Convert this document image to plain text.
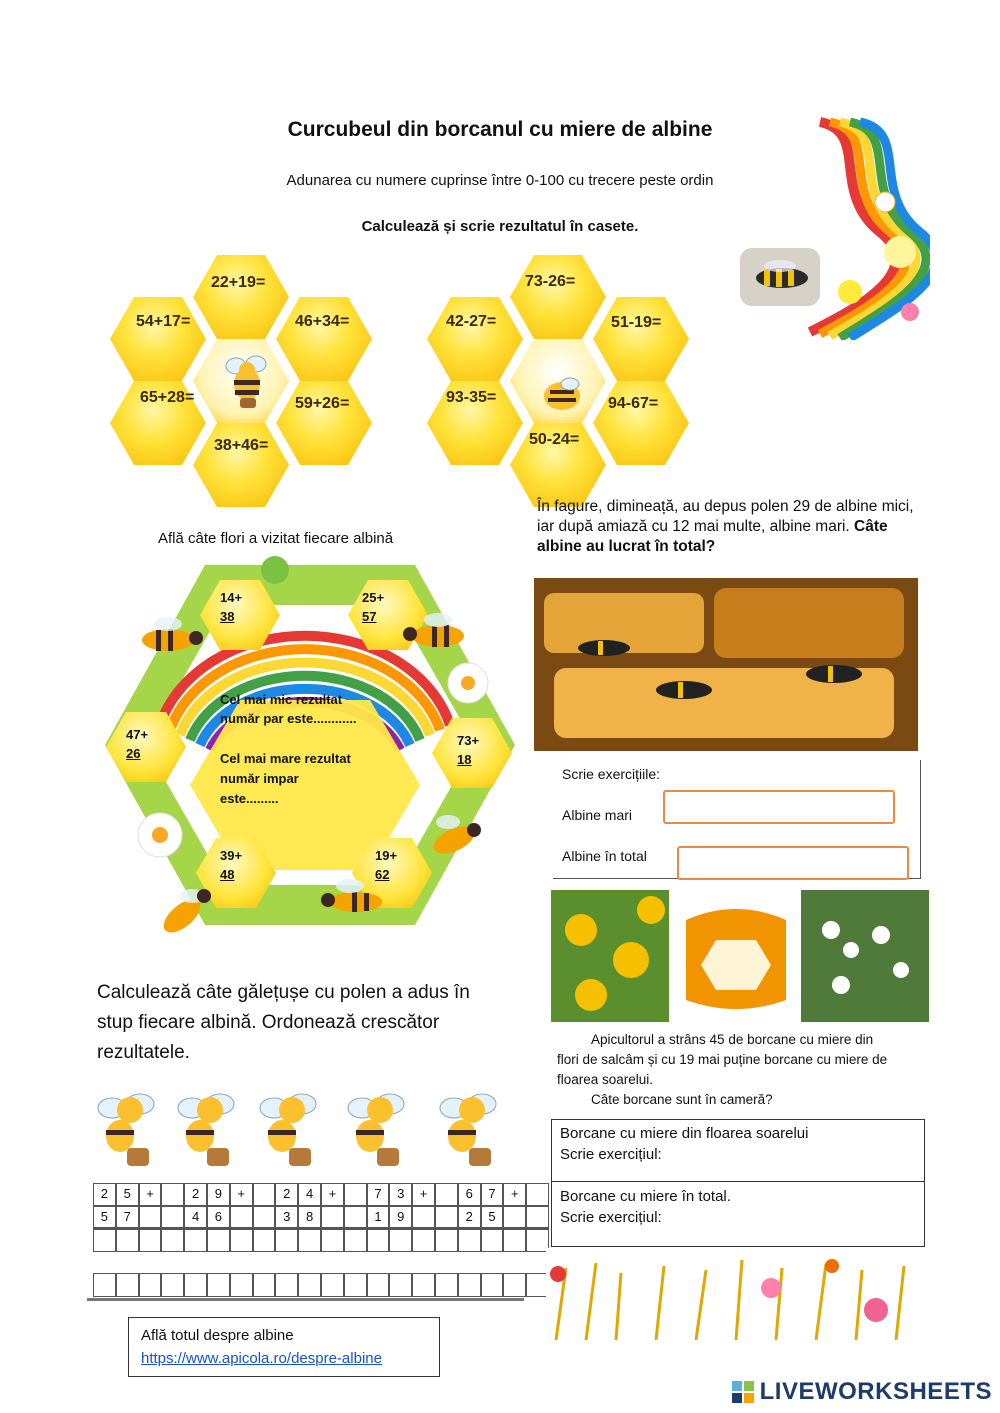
Curcubeul din borcanul cu miere de albine
Adunarea cu numere cuprinse între 0-100 cu trecere peste ordin
Calculează și scrie rezultatul în casete.
22+19=
54+17=	46+34=
65+28=	59+26=
38+46=
73-26=
42-27=	51-19=
93-35=	94-67=
50-24=
Află câte flori a vizitat fiecare albină
14+
38
25+
57
47+
26
73+
18
39+
48
19+
62
Cel mai mic rezultat
număr par este............
Cel mai mare rezultat
număr impar
este.........
În fagure, dimineață, au depus polen 29 de albine mici, iar după amiază cu 12 mai multe, albine mari. Câte albine au lucrat în total?
Scrie exercițiile:
Albine mari
Albine în total
Apicultorul a strâns 45 de borcane cu miere din
flori de salcâm și cu 19 mai puține borcane cu miere de
floarea soarelui.
Câte borcane sunt în cameră?
Borcane cu miere din floarea soarelui
Scrie exercițiul:
Borcane cu miere în total.
Scrie exercițiul:
Calculează câte gălețușe cu polen a adus în
stup fiecare albină. Ordonează crescător
rezultatele.
2	5	+
5	7
2	9	+
4	6
2	4	+
3	8
7	3	+
1	9
6	7	+
2	5
Află totul despre albine
https://www.apicola.ro/despre-albine
LIVEWORKSHEETS
